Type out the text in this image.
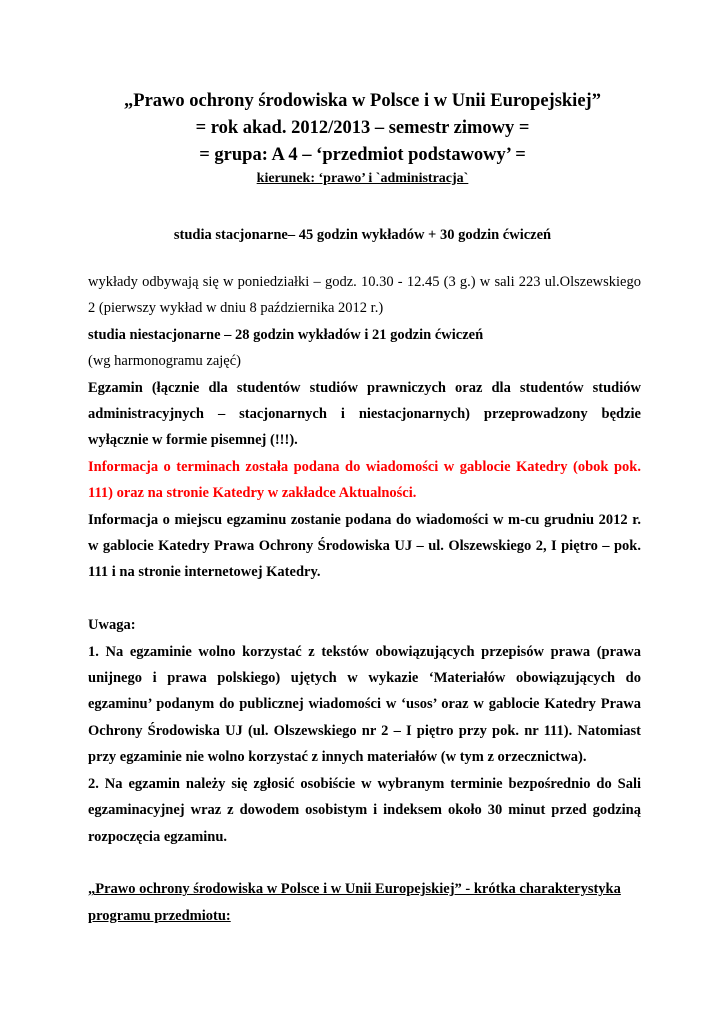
„Prawo ochrony środowiska w Polsce i w Unii Europejskiej”
= rok akad. 2012/2013 – semestr zimowy =
= grupa: A 4 – ‘przedmiot podstawowy’ =
kierunek: ‘prawo’ i `administracja`
studia stacjonarne– 45 godzin wykładów + 30 godzin ćwiczeń

wykłady odbywają się w poniedziałki – godz. 10.30 - 12.45 (3 g.) w sali 223 ul.Olszewskiego 2 (pierwszy wykład w dniu 8 października 2012 r.)

studia niestacjonarne – 28 godzin wykładów i 21 godzin ćwiczeń

(wg harmonogramu zajęć)

Egzamin (łącznie dla studentów studiów prawniczych oraz dla studentów studiów administracyjnych – stacjonarnych i niestacjonarnych) przeprowadzony będzie wyłącznie w formie pisemnej (!!!).

Informacja o terminach została podana do wiadomości w gablocie Katedry (obok pok. 111) oraz na stronie Katedry w zakładce Aktualności.

Informacja o miejscu egzaminu zostanie podana do wiadomości w m-cu grudniu 2012 r. w gablocie Katedry Prawa Ochrony Środowiska UJ – ul. Olszewskiego 2, I piętro – pok. 111 i na stronie internetowej Katedry.

Uwaga:

1. Na egzaminie wolno korzystać z tekstów obowiązujących przepisów prawa (prawa unijnego i prawa polskiego) ujętych w wykazie ‘Materiałów obowiązujących do egzaminu’ podanym do publicznej wiadomości w ‘usos’ oraz w gablocie Katedry Prawa Ochrony Środowiska UJ (ul. Olszewskiego nr 2 – I piętro przy pok. nr 111). Natomiast przy egzaminie nie wolno korzystać z innych materiałów (w tym z orzecznictwa).

2. Na egzamin należy się zgłosić osobiście w wybranym terminie bezpośrednio do Sali egzaminacyjnej wraz z dowodem osobistym i indeksem około 30 minut przed godziną rozpoczęcia egzaminu.

„Prawo ochrony środowiska w Polsce i w Unii Europejskiej” - krótka charakterystyka programu przedmiotu:
